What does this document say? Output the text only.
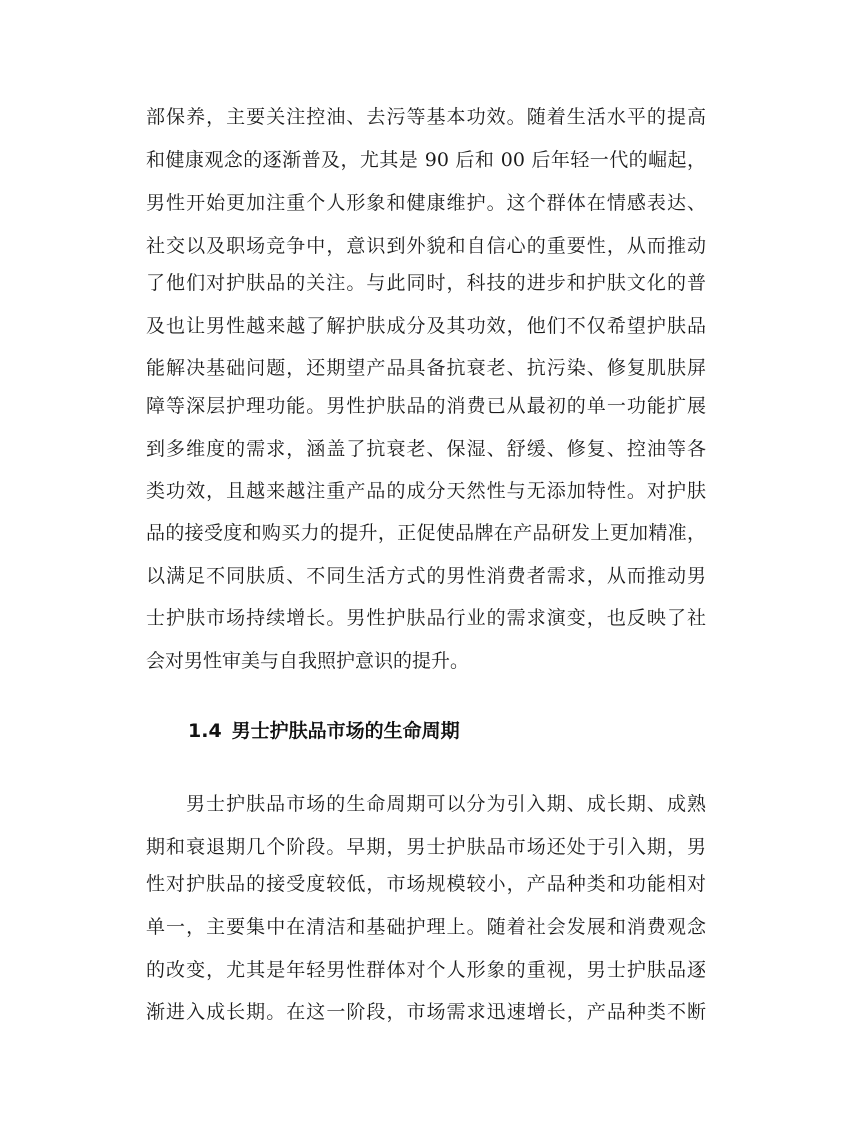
部保养，主要关注控油、去污等基本功效。随着生活水平的提高
和健康观念的逐渐普及，尤其是 90 后和 00 后年轻一代的崛起，
男性开始更加注重个人形象和健康维护。这个群体在情感表达、
社交以及职场竞争中，意识到外貌和自信心的重要性，从而推动
了他们对护肤品的关注。与此同时，科技的进步和护肤文化的普
及也让男性越来越了解护肤成分及其功效，他们不仅希望护肤品
能解决基础问题，还期望产品具备抗衰老、抗污染、修复肌肤屏
障等深层护理功能。男性护肤品的消费已从最初的单一功能扩展
到多维度的需求，涵盖了抗衰老、保湿、舒缓、修复、控油等各
类功效，且越来越注重产品的成分天然性与无添加特性。对护肤
品的接受度和购买力的提升，正促使品牌在产品研发上更加精准，
以满足不同肤质、不同生活方式的男性消费者需求，从而推动男
士护肤市场持续增长。男性护肤品行业的需求演变，也反映了社
会对男性审美与自我照护意识的提升。
1.4 男士护肤品市场的生命周期
男士护肤品市场的生命周期可以分为引入期、成长期、成熟
期和衰退期几个阶段。早期，男士护肤品市场还处于引入期，男
性对护肤品的接受度较低，市场规模较小，产品种类和功能相对
单一，主要集中在清洁和基础护理上。随着社会发展和消费观念
的改变，尤其是年轻男性群体对个人形象的重视，男士护肤品逐
渐进入成长期。在这一阶段，市场需求迅速增长，产品种类不断
